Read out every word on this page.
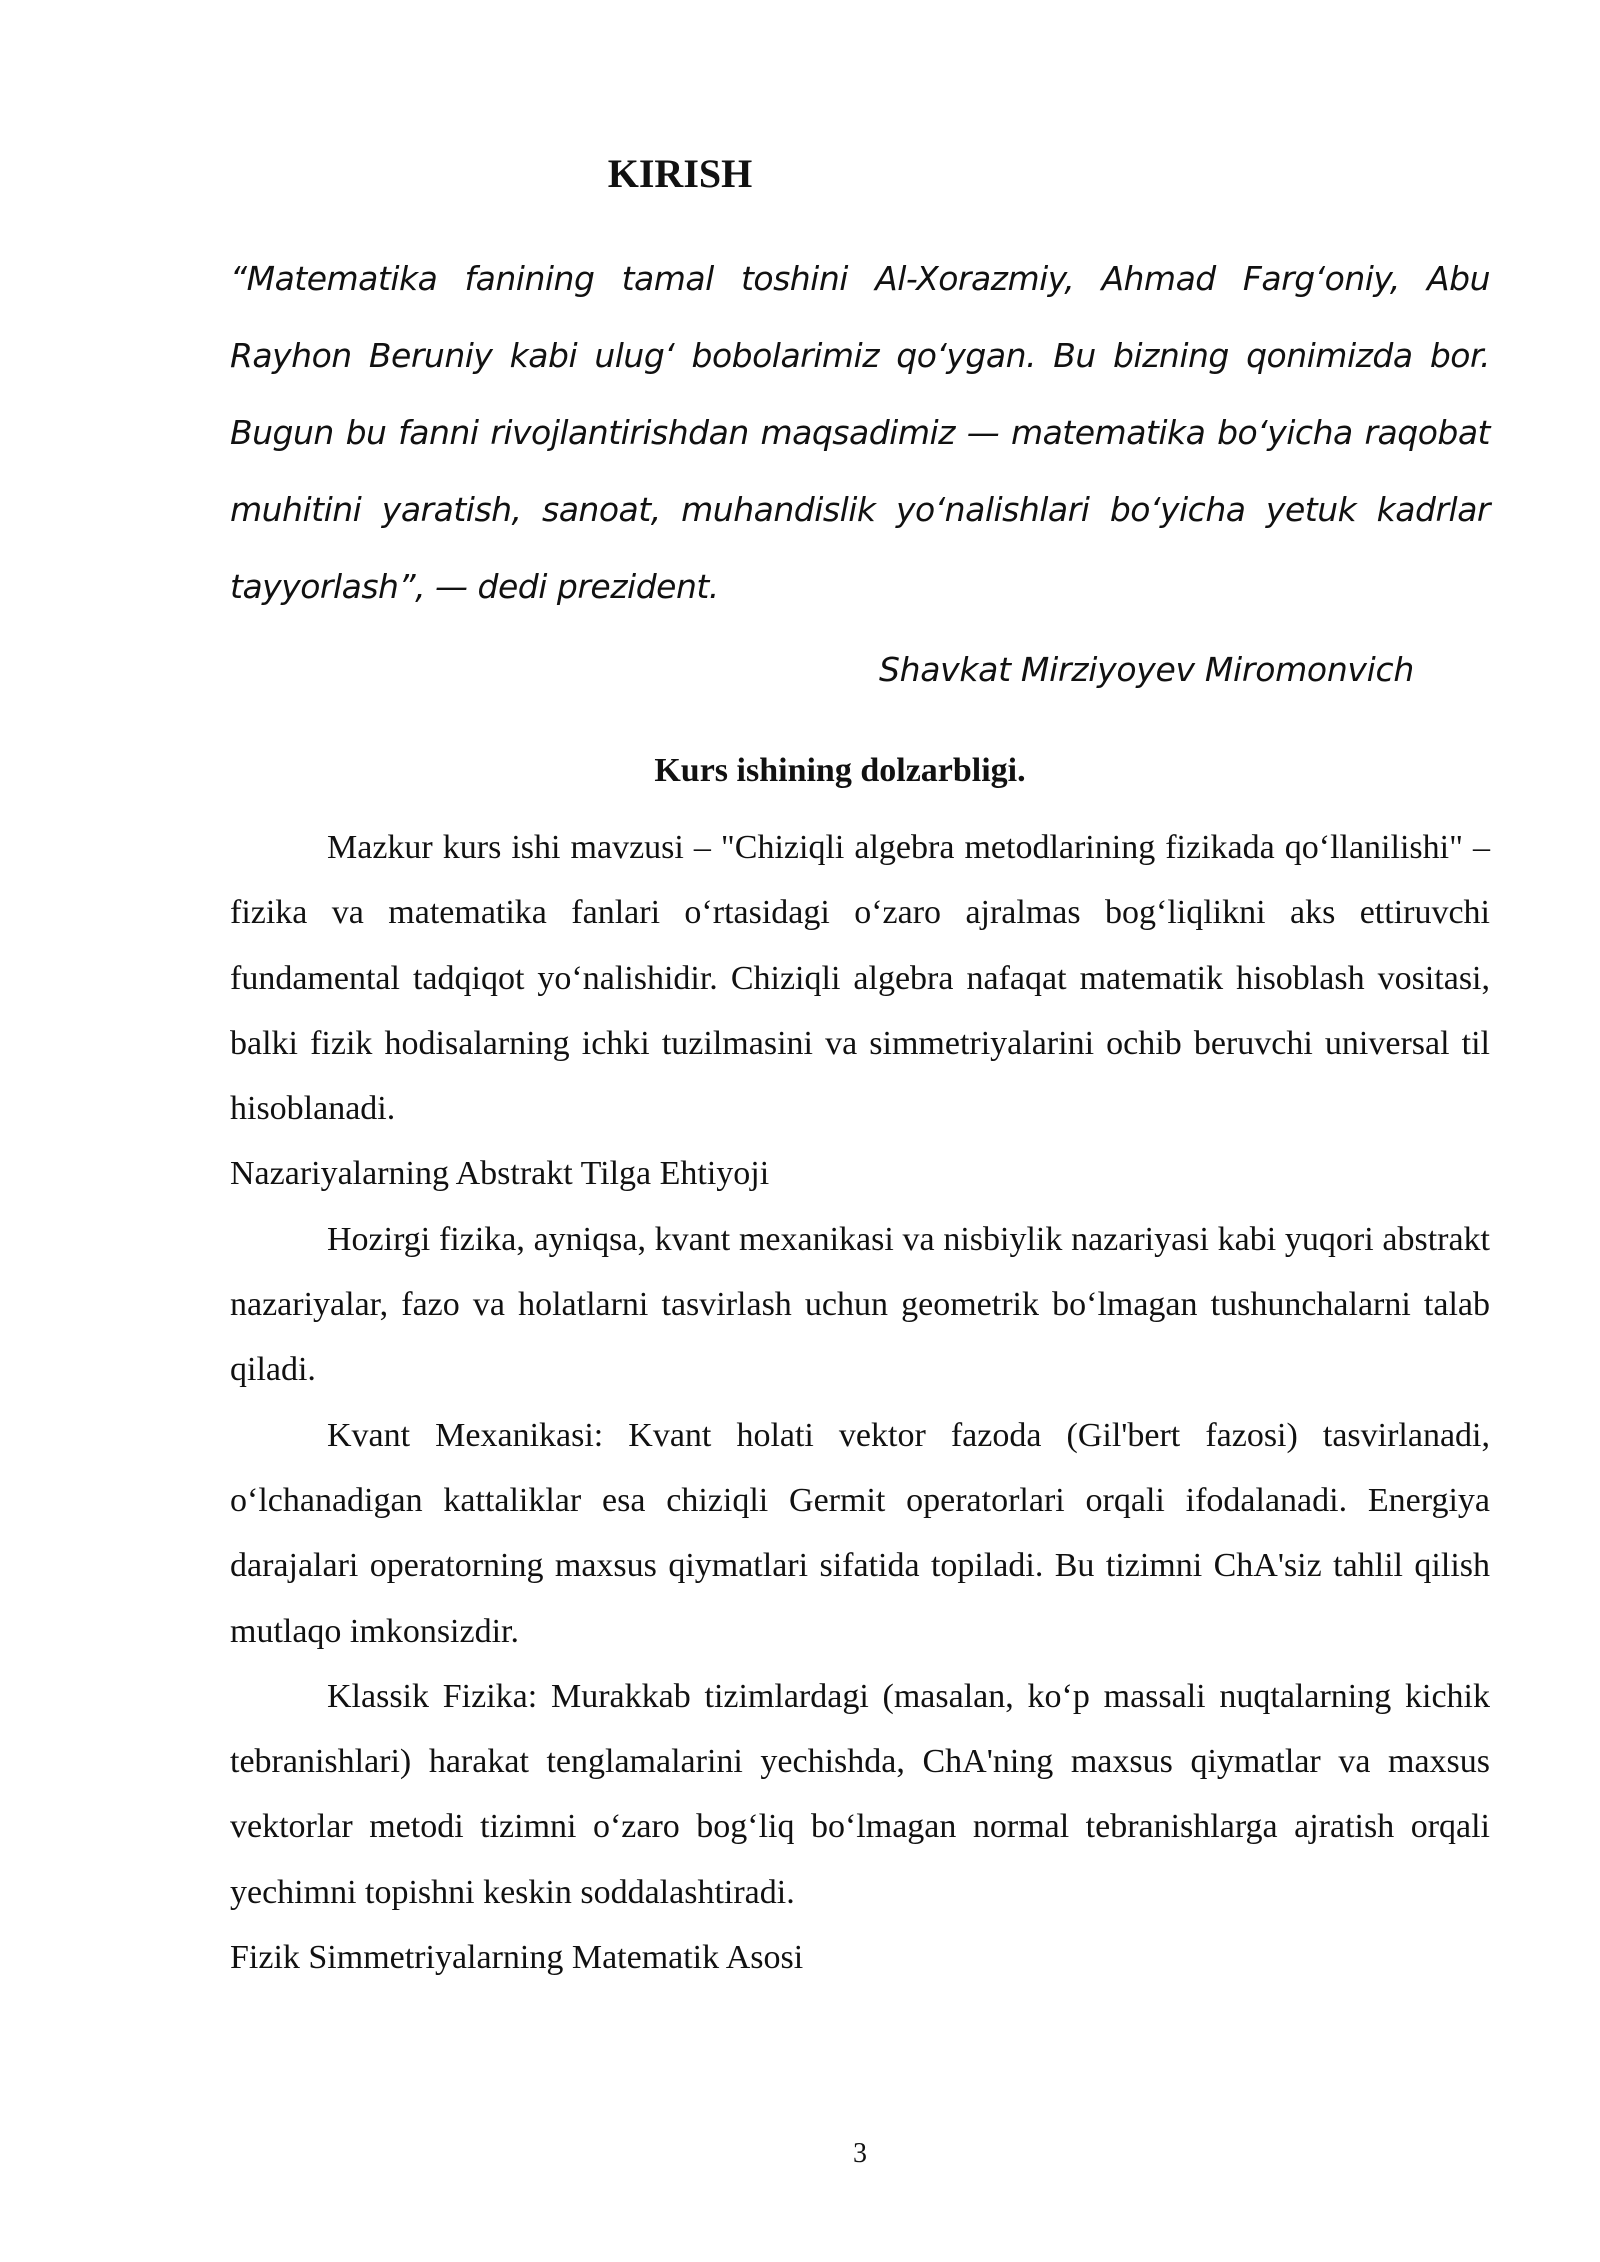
KIRISH

“Matematika fanining tamal toshini Al-Xorazmiy, Ahmad Farg‘oniy, Abu Rayhon Beruniy kabi ulug‘ bobolarimiz qo‘ygan. Bu bizning qonimizda bor. Bugun bu fanni rivojlantirishdan maqsadimiz — matematika bo‘yicha raqobat muhitini yaratish, sanoat, muhandislik yo‘nalishlari bo‘yicha yetuk kadrlar tayyorlash”, — dedi prezident.

Shavkat Mirziyoyev Miromonvich

Kurs ishining dolzarbligi.

Mazkur kurs ishi mavzusi – "Chiziqli algebra metodlarining fizikada qo‘llanilishi" – fizika va matematika fanlari o‘rtasidagi o‘zaro ajralmas bog‘liqlikni aks ettiruvchi fundamental tadqiqot yo‘nalishidir. Chiziqli algebra nafaqat matematik hisoblash vositasi, balki fizik hodisalarning ichki tuzilmasini va simmetriyalarini ochib beruvchi universal til hisoblanadi.

Nazariyalarning Abstrakt Tilga Ehtiyoji

Hozirgi fizika, ayniqsa, kvant mexanikasi va nisbiylik nazariyasi kabi yuqori abstrakt nazariyalar, fazo va holatlarni tasvirlash uchun geometrik bo‘lmagan tushunchalarni talab qiladi.

Kvant Mexanikasi: Kvant holati vektor fazoda (Gil'bert fazosi) tasvirlanadi, o‘lchanadigan kattaliklar esa chiziqli Germit operatorlari orqali ifodalanadi. Energiya darajalari operatorning maxsus qiymatlari sifatida topiladi. Bu tizimni ChA'siz tahlil qilish mutlaqo imkonsizdir.

Klassik Fizika: Murakkab tizimlardagi (masalan, ko‘p massali nuqtalarning kichik tebranishlari) harakat tenglamalarini yechishda, ChA'ning maxsus qiymatlar va maxsus vektorlar metodi tizimni o‘zaro bog‘liq bo‘lmagan normal tebranishlarga ajratish orqali yechimni topishni keskin soddalashtiradi.

Fizik Simmetriyalarning Matematik Asosi

3
